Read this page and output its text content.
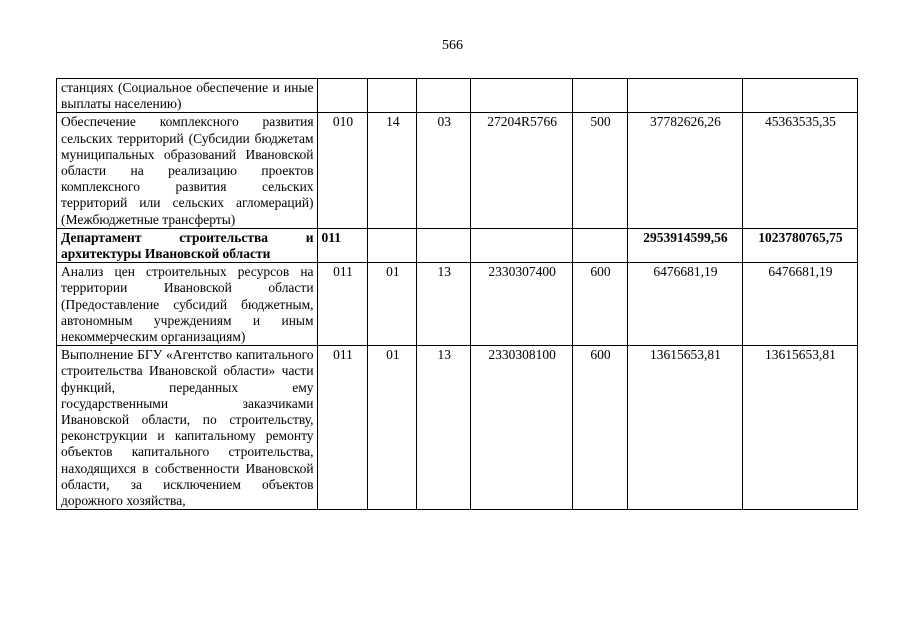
566
станциях (Социальное обеспечение и иные выплаты населению)							
Обеспечение комплексного развития сельских территорий (Субсидии бюджетам муниципальных образований Ивановской области на реализацию проектов комплексного развития сельских территорий или сельских агломераций) (Межбюджетные трансферты)	010	14	03	27204R5766	500	37782626,26	45363535,35
Департамент строительства и архитектуры Ивановской области	011					2953914599,56	1023780765,75
Анализ цен строительных ресурсов на территории Ивановской области (Предоставление субсидий бюджетным, автономным учреждениям и иным некоммерческим организациям)	011	01	13	2330307400	600	6476681,19	6476681,19
Выполнение БГУ «Агентство капитального строительства Ивановской области» части функций, переданных ему государственными заказчиками Ивановской области, по строительству, реконструкции и капитальному ремонту объектов капитального строительства, находящихся в собственности Ивановской области, за исключением объектов дорожного хозяйства,	011	01	13	2330308100	600	13615653,81	13615653,81
